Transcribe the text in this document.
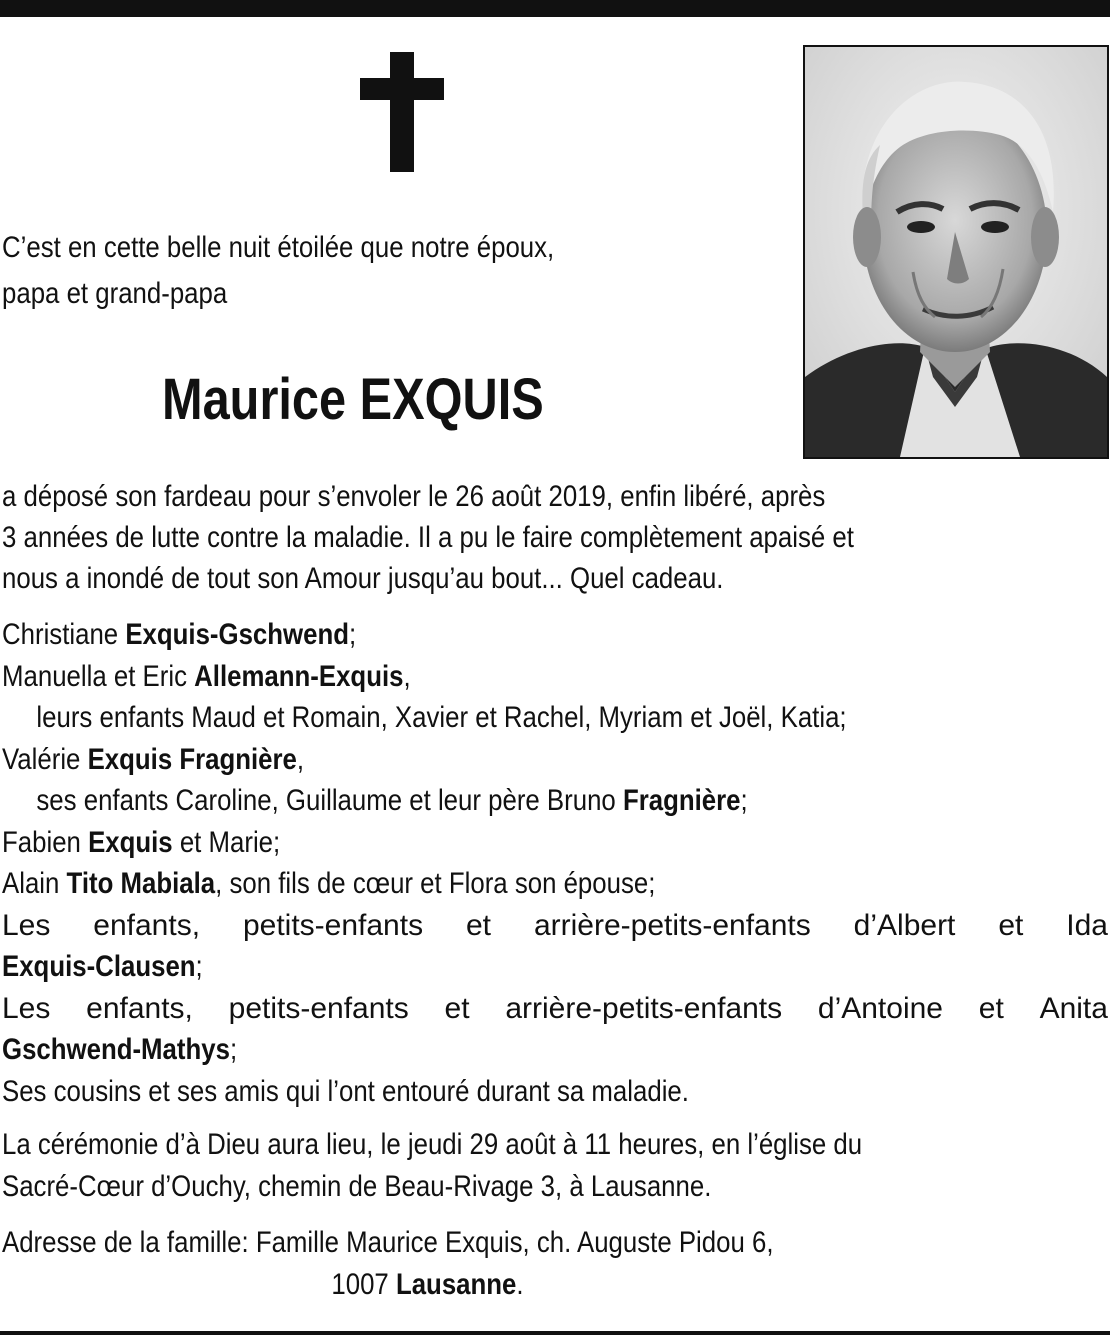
C’est en cette belle nuit étoilée que notre époux,
papa et grand-papa
Maurice EXQUIS
a déposé son fardeau pour s’envoler le 26 août 2019, enfin libéré, après
3 années de lutte contre la maladie. Il a pu le faire complètement apaisé et
nous a inondé de tout son Amour jusqu’au bout... Quel cadeau.
Christiane Exquis-Gschwend;
Manuella et Eric Allemann-Exquis,
leurs enfants Maud et Romain, Xavier et Rachel, Myriam et Joël, Katia;
Valérie Exquis Fragnière,
ses enfants Caroline, Guillaume et leur père Bruno Fragnière;
Fabien Exquis et Marie;
Alain Tito Mabiala, son fils de cœur et Flora son épouse;
Les enfants, petits-enfants et arrière-petits-enfants d’Albert et Ida
Exquis-Clausen;
Les enfants, petits-enfants et arrière-petits-enfants d’Antoine et Anita
Gschwend-Mathys;
Ses cousins et ses amis qui l’ont entouré durant sa maladie.
La cérémonie d’à Dieu aura lieu, le jeudi 29 août à 11 heures, en l’église du
Sacré-Cœur d’Ouchy, chemin de Beau-Rivage 3, à Lausanne.
Adresse de la famille: Famille Maurice Exquis, ch. Auguste Pidou 6,
1007 Lausanne.
